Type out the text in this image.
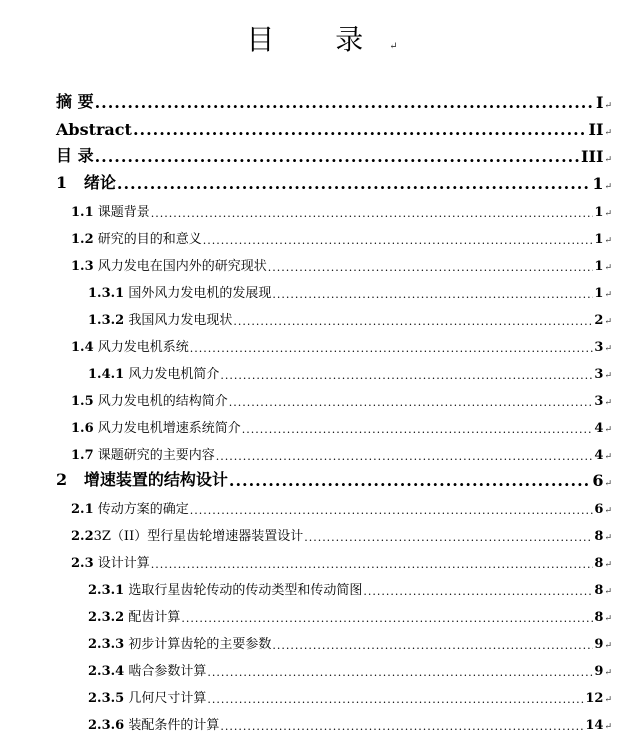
目 录↵
摘 要 .....	I↵
Abstract .....	II↵
目 录 .....	III↵
1 绪论 .....	1↵
1.1 课题背景 .....	1↵
1.2 研究的目的和意义 .....	1↵
1.3 风力发电在国内外的研究现状 .....	1↵
1.3.1 国外风力发电机的发展现 .....	1↵
1.3.2 我国风力发电现状 .....	2↵
1.4 风力发电机系统 .....	3↵
1.4.1 风力发电机简介 .....	3↵
1.5 风力发电机的结构简介 .....	3↵
1.6 风力发电机增速系统简介 .....	4↵
1.7 课题研究的主要内容 .....	4↵
2 增速装置的结构设计 .....	6↵
2.1 传动方案的确定 .....	6↵
2.23Z（II）型行星齿轮增速器装置设计 .....	8↵
2.3 设计计算 .....	8↵
2.3.1 选取行星齿轮传动的传动类型和传动简图 .....	8↵
2.3.2 配齿计算 .....	8↵
2.3.3 初步计算齿轮的主要参数 .....	9↵
2.3.4 啮合参数计算 .....	9↵
2.3.5 几何尺寸计算 .....	12↵
2.3.6 装配条件的计算 .....	14↵
